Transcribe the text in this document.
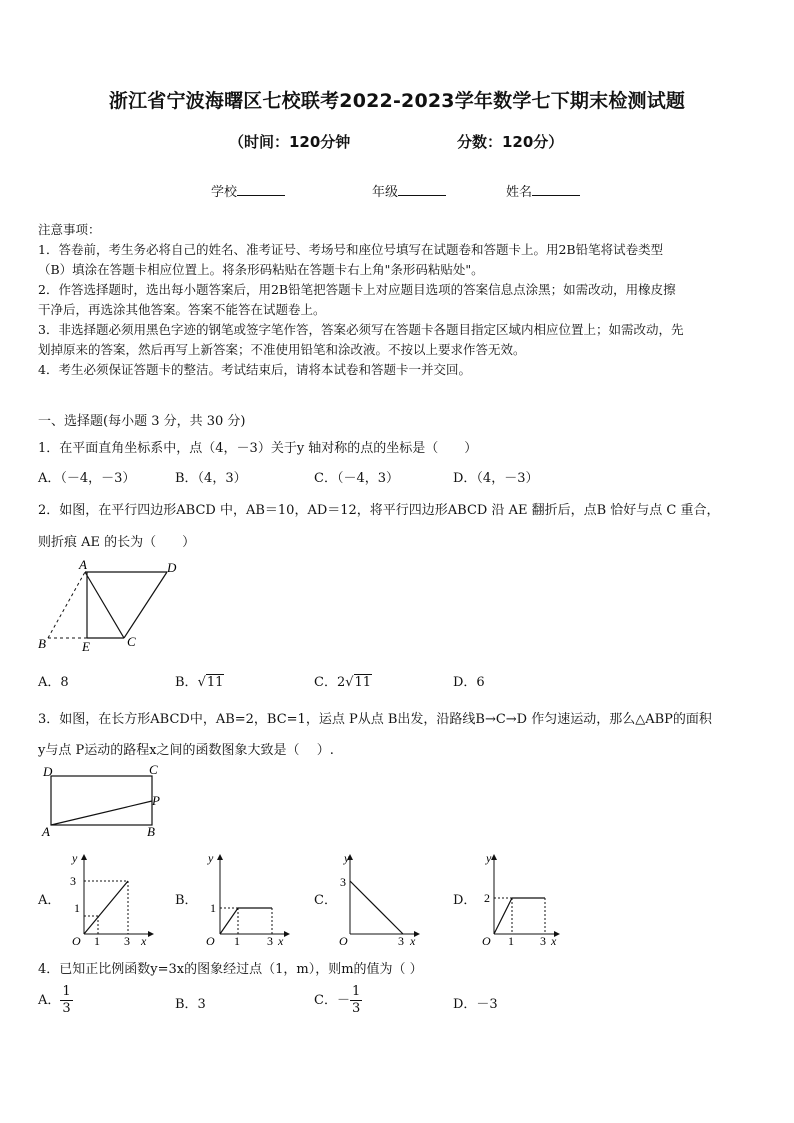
浙江省宁波海曙区七校联考2022-2023学年数学七下期末检测试题
（时间：120分钟	分数：120分）
学校	年级	姓名

注意事项：

1．答卷前，考生务必将自己的姓名、准考证号、考场号和座位号填写在试题卷和答题卡上。用2B铅笔将试卷类型

（B）填涂在答题卡相应位置上。将条形码粘贴在答题卡右上角"条形码粘贴处"。

2．作答选择题时，选出每小题答案后，用2B铅笔把答题卡上对应题目选项的答案信息点涂黑；如需改动，用橡皮擦

干净后，再选涂其他答案。答案不能答在试题卷上。

3．非选择题必须用黑色字迹的钢笔或签字笔作答，答案必须写在答题卡各题目指定区域内相应位置上；如需改动，先

划掉原来的答案，然后再写上新答案；不准使用铅笔和涂改液。不按以上要求作答无效。

4．考生必须保证答题卡的整洁。考试结束后，请将本试卷和答题卡一并交回。

一、选择题(每小题 3 分，共 30 分)
1．在平面直角坐标系中，点（4，－3）关于y 轴对称的点的坐标是（　　）
A．（－4，－3）	B．（4，3）	C．（－4，3）	D．（4，－3）
2．如图，在平行四边形ABCD 中，AB＝10，AD＝12，将平行四边形ABCD 沿 AE 翻折后，点B 恰好与点 C 重合，
则折痕 AE 的长为（　　）
A	D
B	E	C
A．8	B．√11	C．2√11	D．6
3．如图，在长方形ABCD中，AB=2，BC=1，运点 P从点 B出发，沿路线B→C→D 作匀速运动，那么△ABP的面积
y与点 P运动的路程x之间的函数图象大致是（　 ）.
D	C
P
A	B
A．
y
3
1
O 1 3 x
B．
y
1
O 1 3 x
C．
y
3
O	3 x
D．
y
2
O 1 3 x
4．已知正比例函数y=3x的图象经过点（1，m），则m的值为（ ）
A． $\frac{1}{3}$	B．3	C．－ $\frac{1}{3}$	D．－3
